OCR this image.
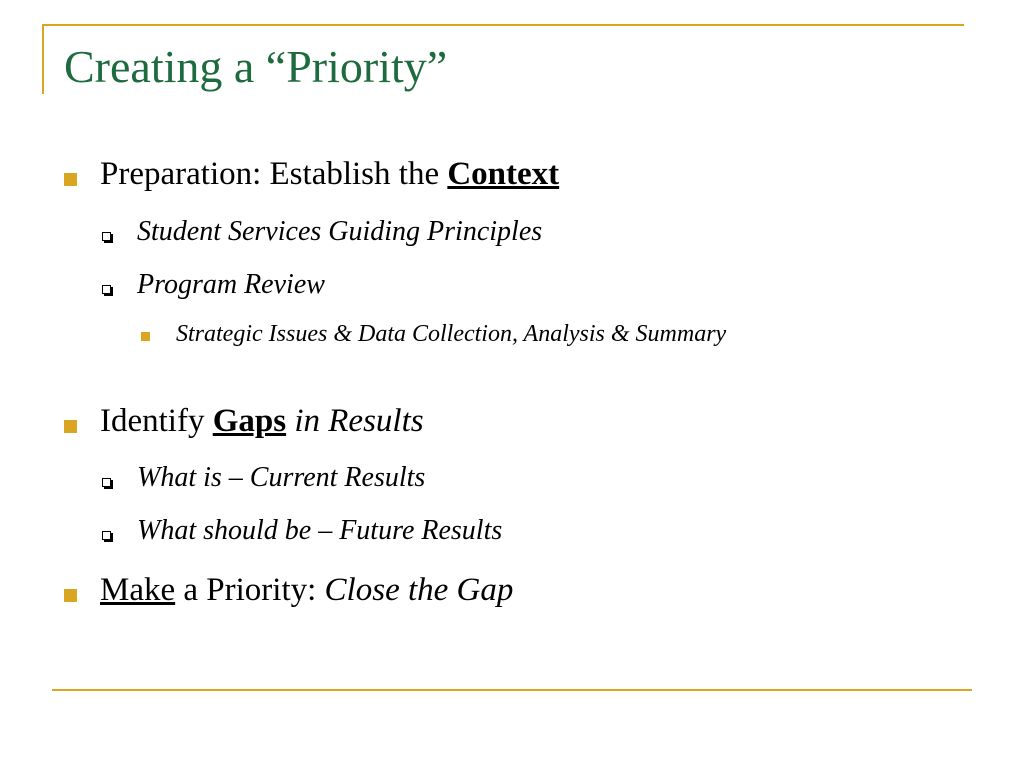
Creating a “Priority”
Preparation: Establish the Context
Student Services Guiding Principles
Program Review
Strategic Issues & Data Collection, Analysis & Summary
Identify Gaps in Results
What is – Current Results
What should be – Future Results
Make a Priority: Close the Gap
